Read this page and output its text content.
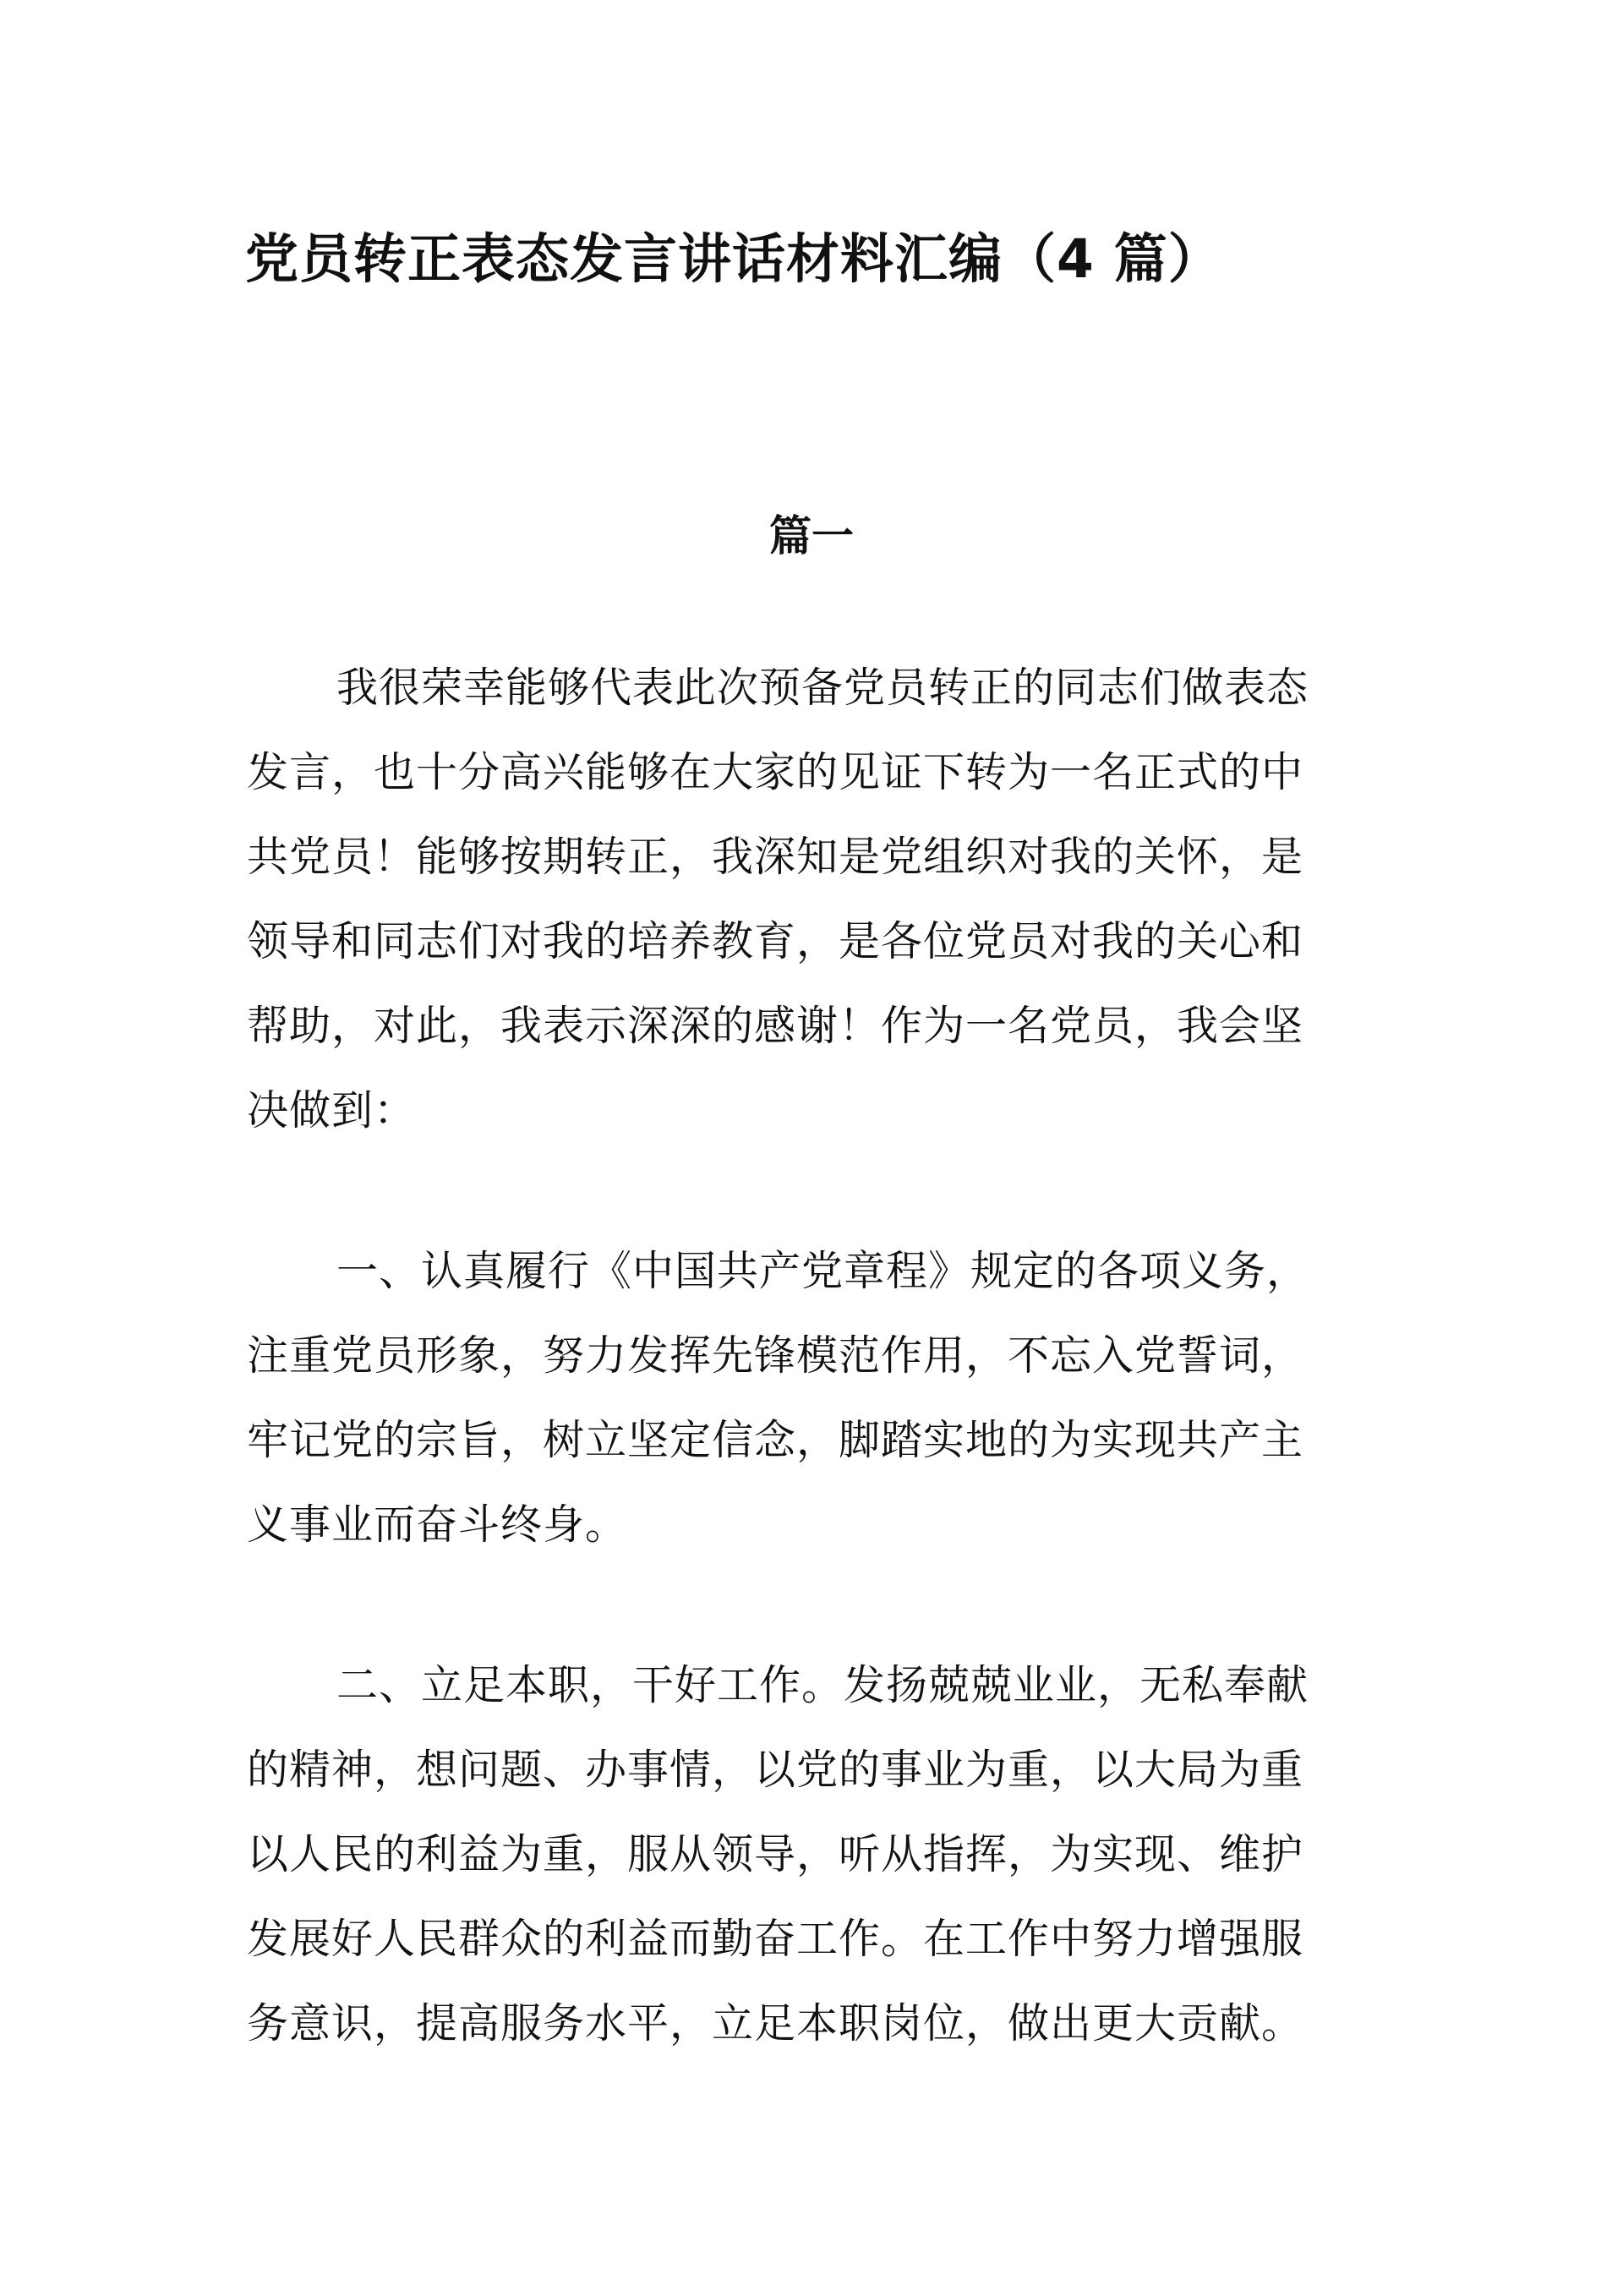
党员转正表态发言讲话材料汇编（4 篇）
篇一

我很荣幸能够代表此次预备党员转正的同志们做表态

发言，也十分高兴能够在大家的见证下转为一名正式的中

共党员！能够按期转正，我深知是党组织对我的关怀，是

领导和同志们对我的培养教育，是各位党员对我的关心和

帮助，对此，我表示深深的感谢！作为一名党员，我会坚

决做到：

一、认真履行《中国共产党章程》规定的各项义务，

注重党员形象，努力发挥先锋模范作用，不忘入党誓词，

牢记党的宗旨，树立坚定信念，脚踏实地的为实现共产主

义事业而奋斗终身。

二、立足本职，干好工作。发扬兢兢业业，无私奉献

的精神，想问题、办事情，以党的事业为重，以大局为重

以人民的利益为重，服从领导，听从指挥，为实现、维护

发展好人民群众的利益而勤奋工作。在工作中努力增强服

务意识，提高服务水平，立足本职岗位，做出更大贡献。
